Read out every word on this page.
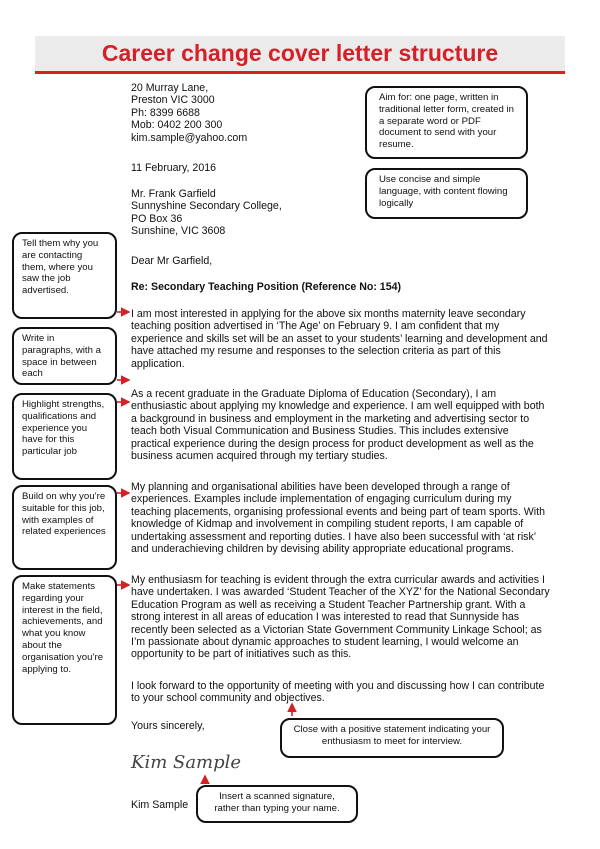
Career change cover letter structure
20 Murray Lane,
Preston VIC 3000
Ph: 8399 6688
Mob: 0402 200 300
kim.sample@yahoo.com
11 February, 2016
Mr. Frank Garfield
Sunnyshine Secondary College,
PO Box 36
Sunshine, VIC 3608
Dear Mr Garfield,
Re: Secondary Teaching Position (Reference No: 154)
I am most interested in applying for the above six months maternity leave secondary teaching position advertised in ‘The Age’ on February 9. I am confident that my experience and skills set will be an asset to your students’ learning and development and have attached my resume and responses to the selection criteria as part of this application.
As a recent graduate in the Graduate Diploma of Education (Secondary), I am enthusiastic about applying my knowledge and experience. I am well equipped with both a background in business and employment in the marketing and advertising sector to teach both Visual Communication and Business Studies. This includes extensive practical experience during the design process for product development as well as the business acumen acquired through my tertiary studies.
My planning and organisational abilities have been developed through a range of experiences. Examples include implementation of engaging curriculum during my teaching placements, organising professional events and being part of team sports. With knowledge of Kidmap and involvement in compiling student reports, I am capable of undertaking assessment and reporting duties. I have also been successful with ‘at risk’ and underachieving children by devising ability appropriate educational programs.
My enthusiasm for teaching is evident through the extra curricular awards and activities I have undertaken. I was awarded ‘Student Teacher of the XYZ’ for the National Secondary Education Program as well as receiving a Student Teacher Partnership grant. With a strong interest in all areas of education I was interested to read that Sunnyside has recently been selected as a Victorian State Government Community Linkage School; as I’m passionate about dynamic approaches to student learning, I would welcome an opportunity to be part of initiatives such as this.
I look forward to the opportunity of meeting with you and discussing how I can contribute to your school community and objectives.
Yours sincerely,
Kim Sample
Kim Sample
Aim for: one page, written in traditional letter form, created in a separate word or PDF document to send with your resume.
Use concise and simple language, with content flowing logically
Tell them why you are contacting them, where you saw the job advertised.
Write in paragraphs, with a space in between each
Highlight strengths, qualifications and experience you have for this particular job
Build on why you’re suitable for this job, with examples of related experiences
Make statements regarding your interest in the field, achievements, and what you know about the organisation you’re applying to.
Close with a positive statement indicating your enthusiasm to meet for interview.
Insert a scanned signature, rather than typing your name.
